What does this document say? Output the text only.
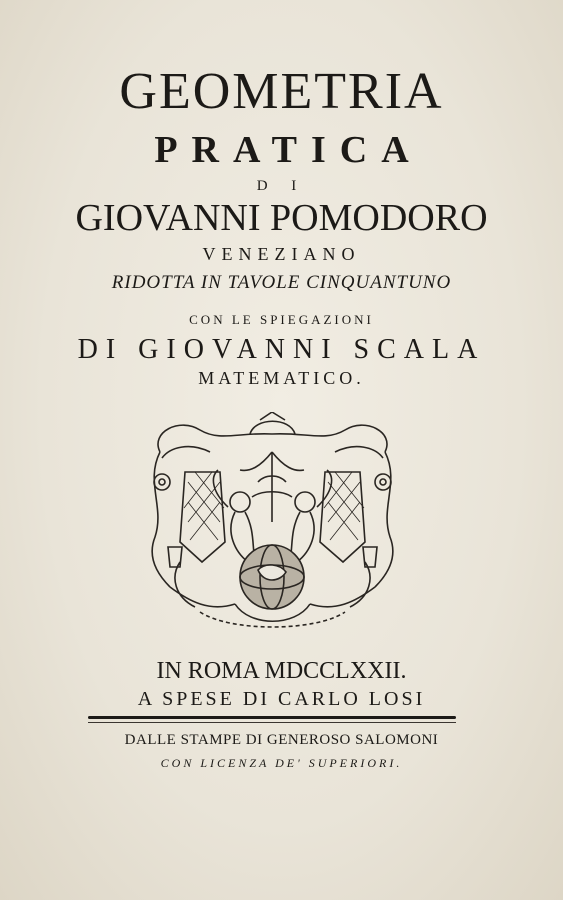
GEOMETRIA
PRATICA
D I
GIOVANNI POMODORO
VENEZIANO
RIDOTTA IN TAVOLE CINQUANTUNO
CON LE SPIEGAZIONI
DI GIOVANNI SCALA
MATEMATICO.
IN ROMA MDCCLXXII.
A SPESE DI CARLO LOSI
DALLE STAMPE DI GENEROSO SALOMONI
CON LICENZA DE' SUPERIORI.
